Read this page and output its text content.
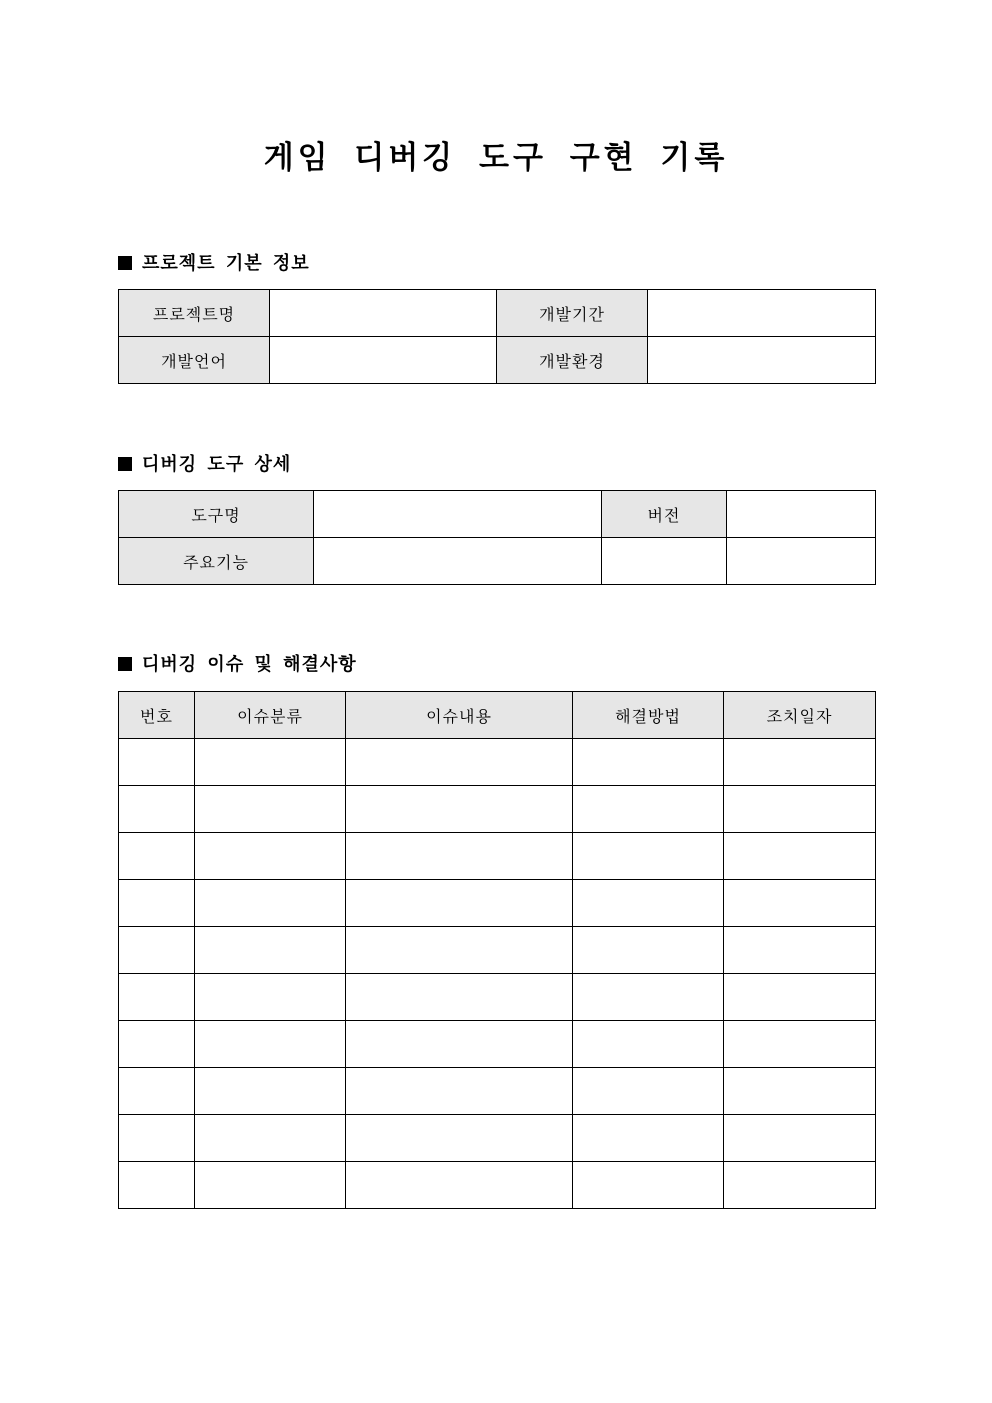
게임 디버깅 도구 구현 기록
프로젝트 기본 정보
프로젝트명		개발기간	
개발언어		개발환경	
디버깅 도구 상세
도구명		버전	
주요기능			
디버깅 이슈 및 해결사항
번호	이슈분류	이슈내용	해결방법	조치일자
